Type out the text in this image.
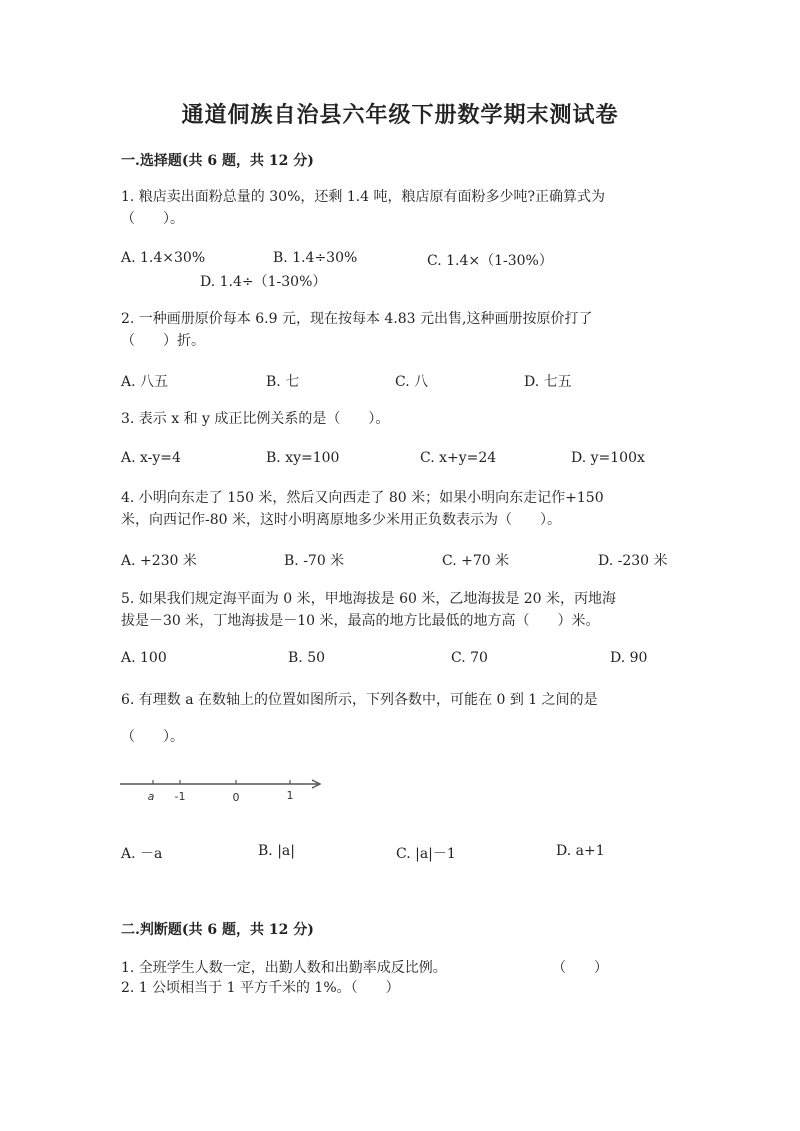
通道侗族自治县六年级下册数学期末测试卷
一.选择题(共 6 题，共 12 分)
1. 粮店卖出面粉总量的 30%，还剩 1.4 吨，粮店原有面粉多少吨?正确算式为
（　　）。
A. 1.4×30%	B. 1.4÷30%	C. 1.4×（1-30%）
D. 1.4÷（1-30%）
2. 一种画册原价每本 6.9 元，现在按每本 4.83 元出售,这种画册按原价打了
（　　）折。
A. 八五	B. 七	C. 八	D. 七五
3. 表示 x 和 y 成正比例关系的是（　　）。
A. x-y=4	B. xy=100	C. x+y=24	D. y=100x
4. 小明向东走了 150 米，然后又向西走了 80 米；如果小明向东走记作+150
米，向西记作-80 米，这时小明离原地多少米用正负数表示为（　　）。
A. +230 米	B. -70 米	C. +70 米	D. -230 米
5. 如果我们规定海平面为 0 米，甲地海拔是 60 米，乙地海拔是 20 米，丙地海
拔是－30 米，丁地海拔是－10 米，最高的地方比最低的地方高（　　）米。
A. 100	B. 50	C. 70	D. 90
6. 有理数 a 在数轴上的位置如图所示，下列各数中，可能在 0 到 1 之间的是
（　　）。
a -1	0	1
A. －a	B. |a|	C. |a|－1	D. a+1
二.判断题(共 6 题，共 12 分)
1. 全班学生人数一定，出勤人数和出勤率成反比例。	（　　）
2. 1 公顷相当于 1 平方千米的 1%。（　　）
